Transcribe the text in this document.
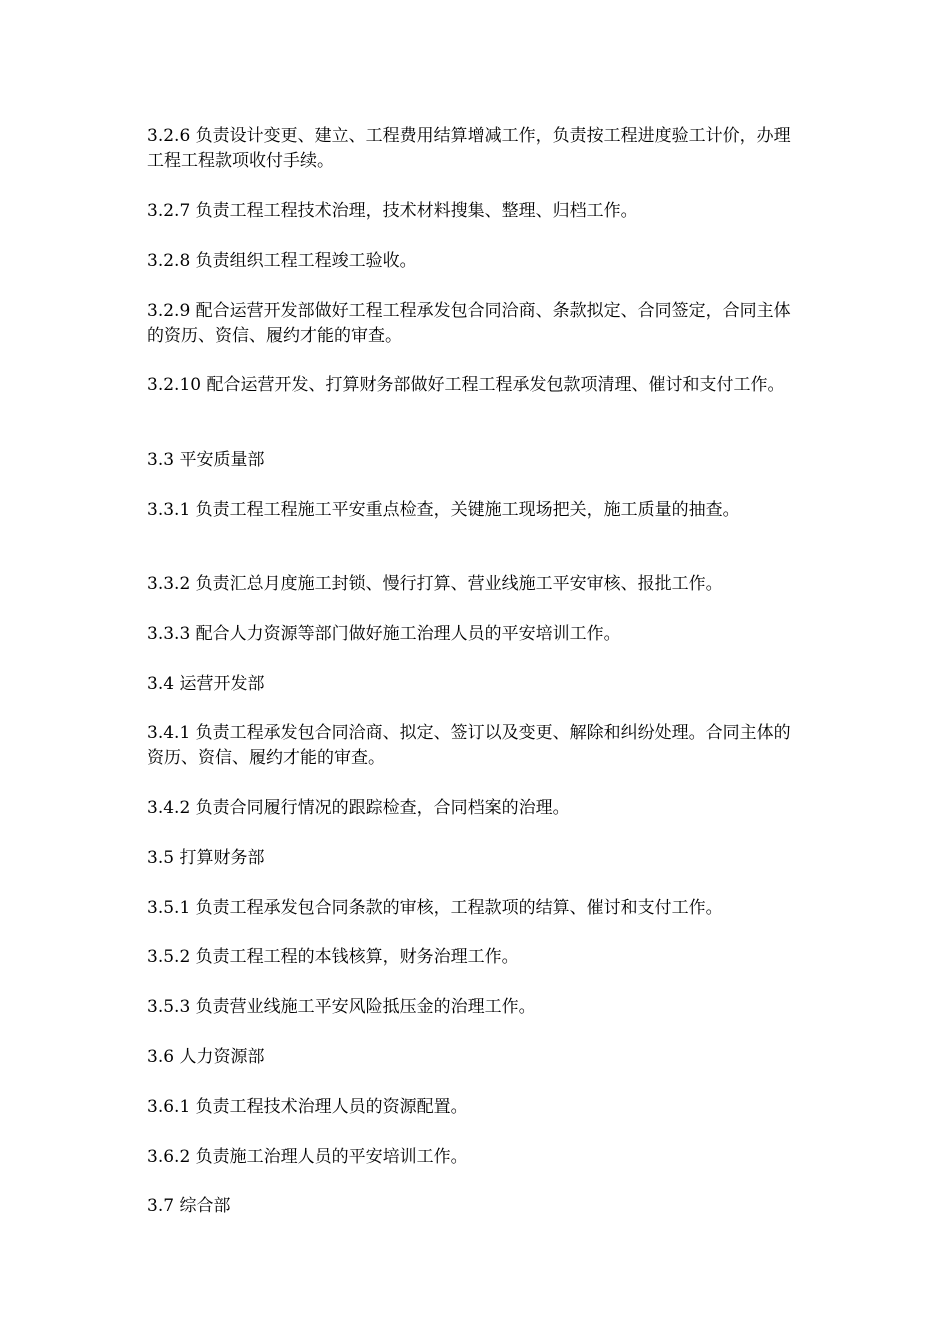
3.2.6 负责设计变更、建立、工程费用结算增减工作，负责按工程进度验工计价，办理工程工程款项收付手续。

3.2.7 负责工程工程技术治理，技术材料搜集、整理、归档工作。

3.2.8 负责组织工程工程竣工验收。

3.2.9 配合运营开发部做好工程工程承发包合同洽商、条款拟定、合同签定，合同主体的资历、资信、履约才能的审查。

3.2.10 配合运营开发、打算财务部做好工程工程承发包款项清理、催讨和支付工作。

3.3 平安质量部

3.3.1 负责工程工程施工平安重点检查，关键施工现场把关，施工质量的抽查。

3.3.2 负责汇总月度施工封锁、慢行打算、营业线施工平安审核、报批工作。

3.3.3 配合人力资源等部门做好施工治理人员的平安培训工作。

3.4 运营开发部

3.4.1 负责工程承发包合同洽商、拟定、签订以及变更、解除和纠纷处理。合同主体的资历、资信、履约才能的审查。

3.4.2 负责合同履行情况的跟踪检查，合同档案的治理。

3.5 打算财务部

3.5.1 负责工程承发包合同条款的审核，工程款项的结算、催讨和支付工作。

3.5.2 负责工程工程的本钱核算，财务治理工作。

3.5.3 负责营业线施工平安风险抵压金的治理工作。

3.6 人力资源部

3.6.1 负责工程技术治理人员的资源配置。

3.6.2 负责施工治理人员的平安培训工作。

3.7 综合部
